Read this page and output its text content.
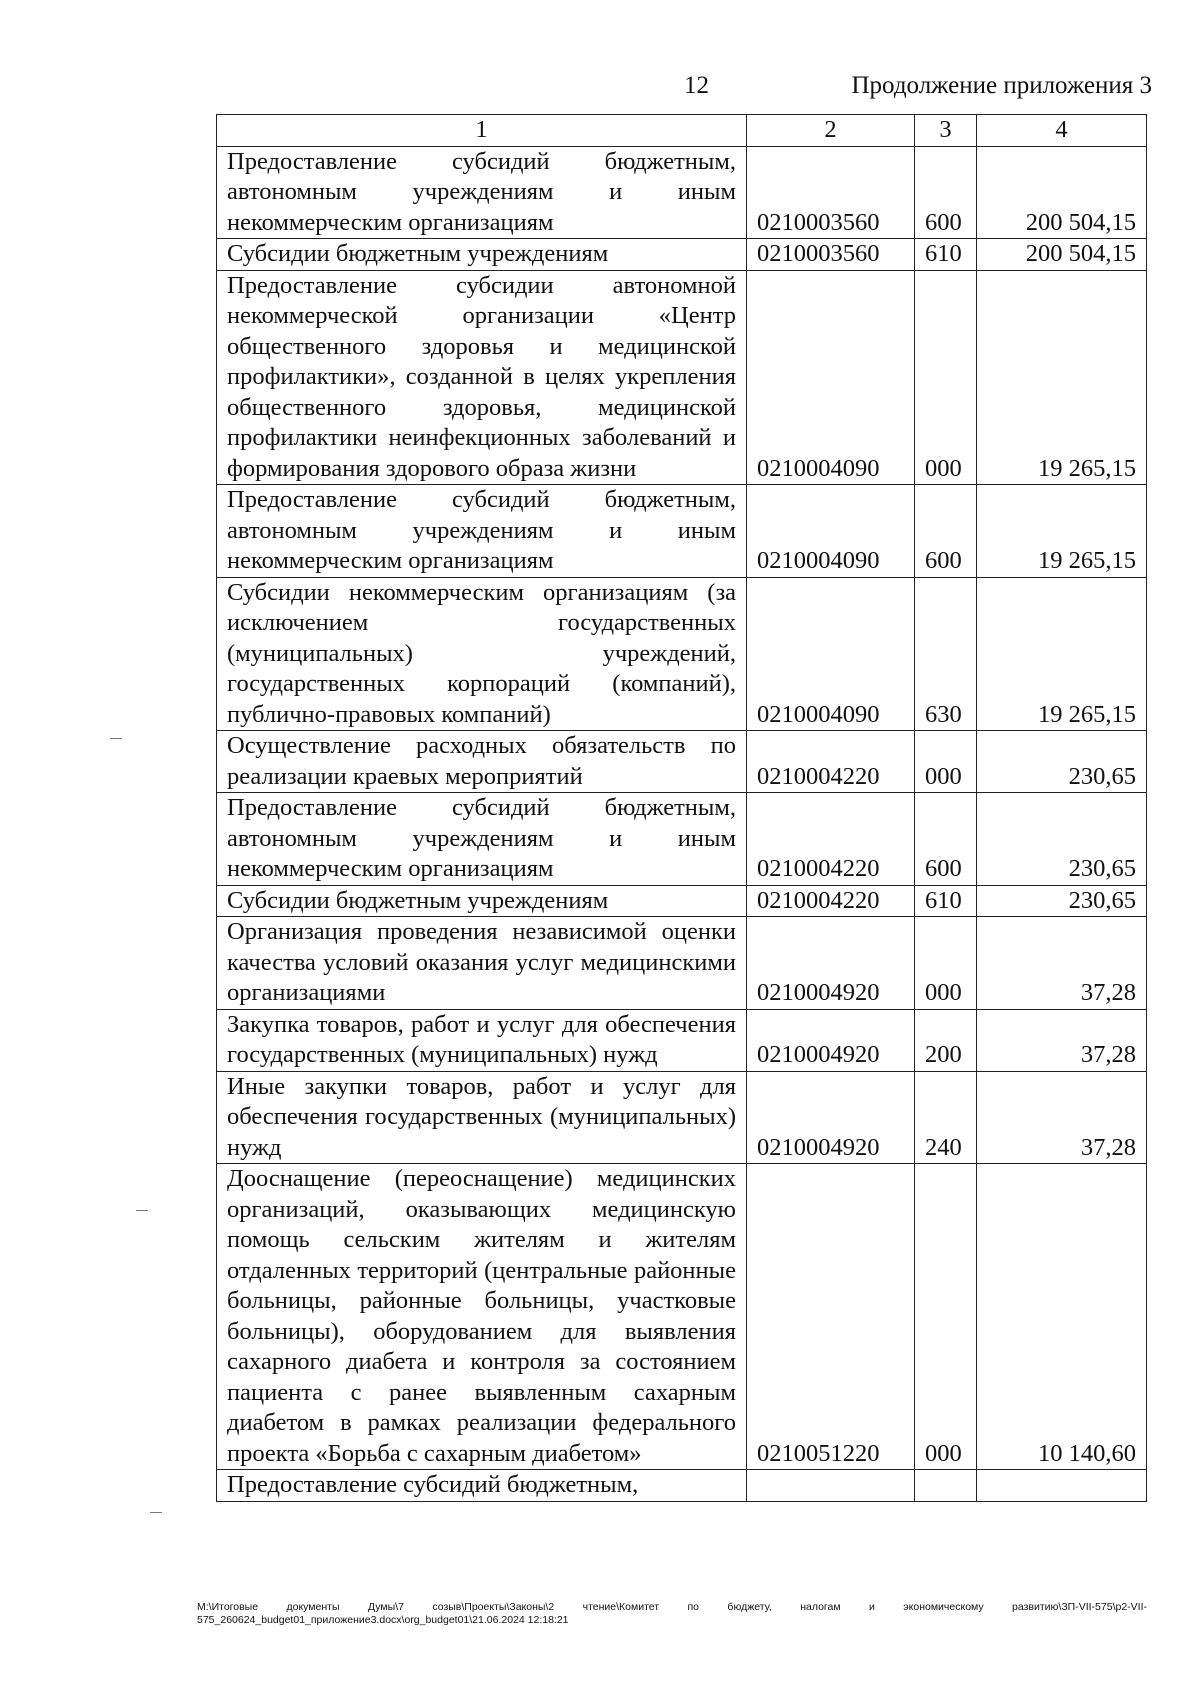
12	Продолжение приложения 3
1	2	3	4
Предоставление субсидий бюджетным, автономным учреждениям и иным некоммерческим организациям	0210003560	600	200 504,15
Субсидии бюджетным учреждениям	0210003560	610	200 504,15
Предоставление субсидии автономной некоммерческой организации «Центр общественного здоровья и медицинской профилактики», созданной в целях укрепления общественного здоровья, медицинской профилактики неинфекционных заболеваний и формирования здорового образа жизни	0210004090	000	19 265,15
Предоставление субсидий бюджетным, автономным учреждениям и иным некоммерческим организациям	0210004090	600	19 265,15
Субсидии некоммерческим организациям (за исключением государственных (муниципальных) учреждений, государственных корпораций (компаний), публично-правовых компаний)	0210004090	630	19 265,15
Осуществление расходных обязательств по реализации краевых мероприятий	0210004220	000	230,65
Предоставление субсидий бюджетным, автономным учреждениям и иным некоммерческим организациям	0210004220	600	230,65
Субсидии бюджетным учреждениям	0210004220	610	230,65
Организация проведения независимой оценки качества условий оказания услуг медицинскими организациями	0210004920	000	37,28
Закупка товаров, работ и услуг для обеспечения государственных (муниципальных) нужд	0210004920	200	37,28
Иные закупки товаров, работ и услуг для обеспечения государственных (муниципальных) нужд	0210004920	240	37,28
Дооснащение (переоснащение) медицинских организаций, оказывающих медицинскую помощь сельским жителям и жителям отдаленных территорий (центральные районные больницы, районные больницы, участковые больницы), оборудованием для выявления сахарного диабета и контроля за состоянием пациента с ранее выявленным сахарным диабетом в рамках реализации федерального проекта «Борьба с сахарным диабетом»	0210051220	000	10 140,60
Предоставление субсидий бюджетным,			
M:\Итоговые документы Думы\7 созыв\Проекты\Законы\2 чтение\Комитет по бюджету, налогам и экономическому развитию\ЗП-VII-575\р2-VII-575_260624_budget01_приложение3.docx\org_budget01\21.06.2024 12:18:21
